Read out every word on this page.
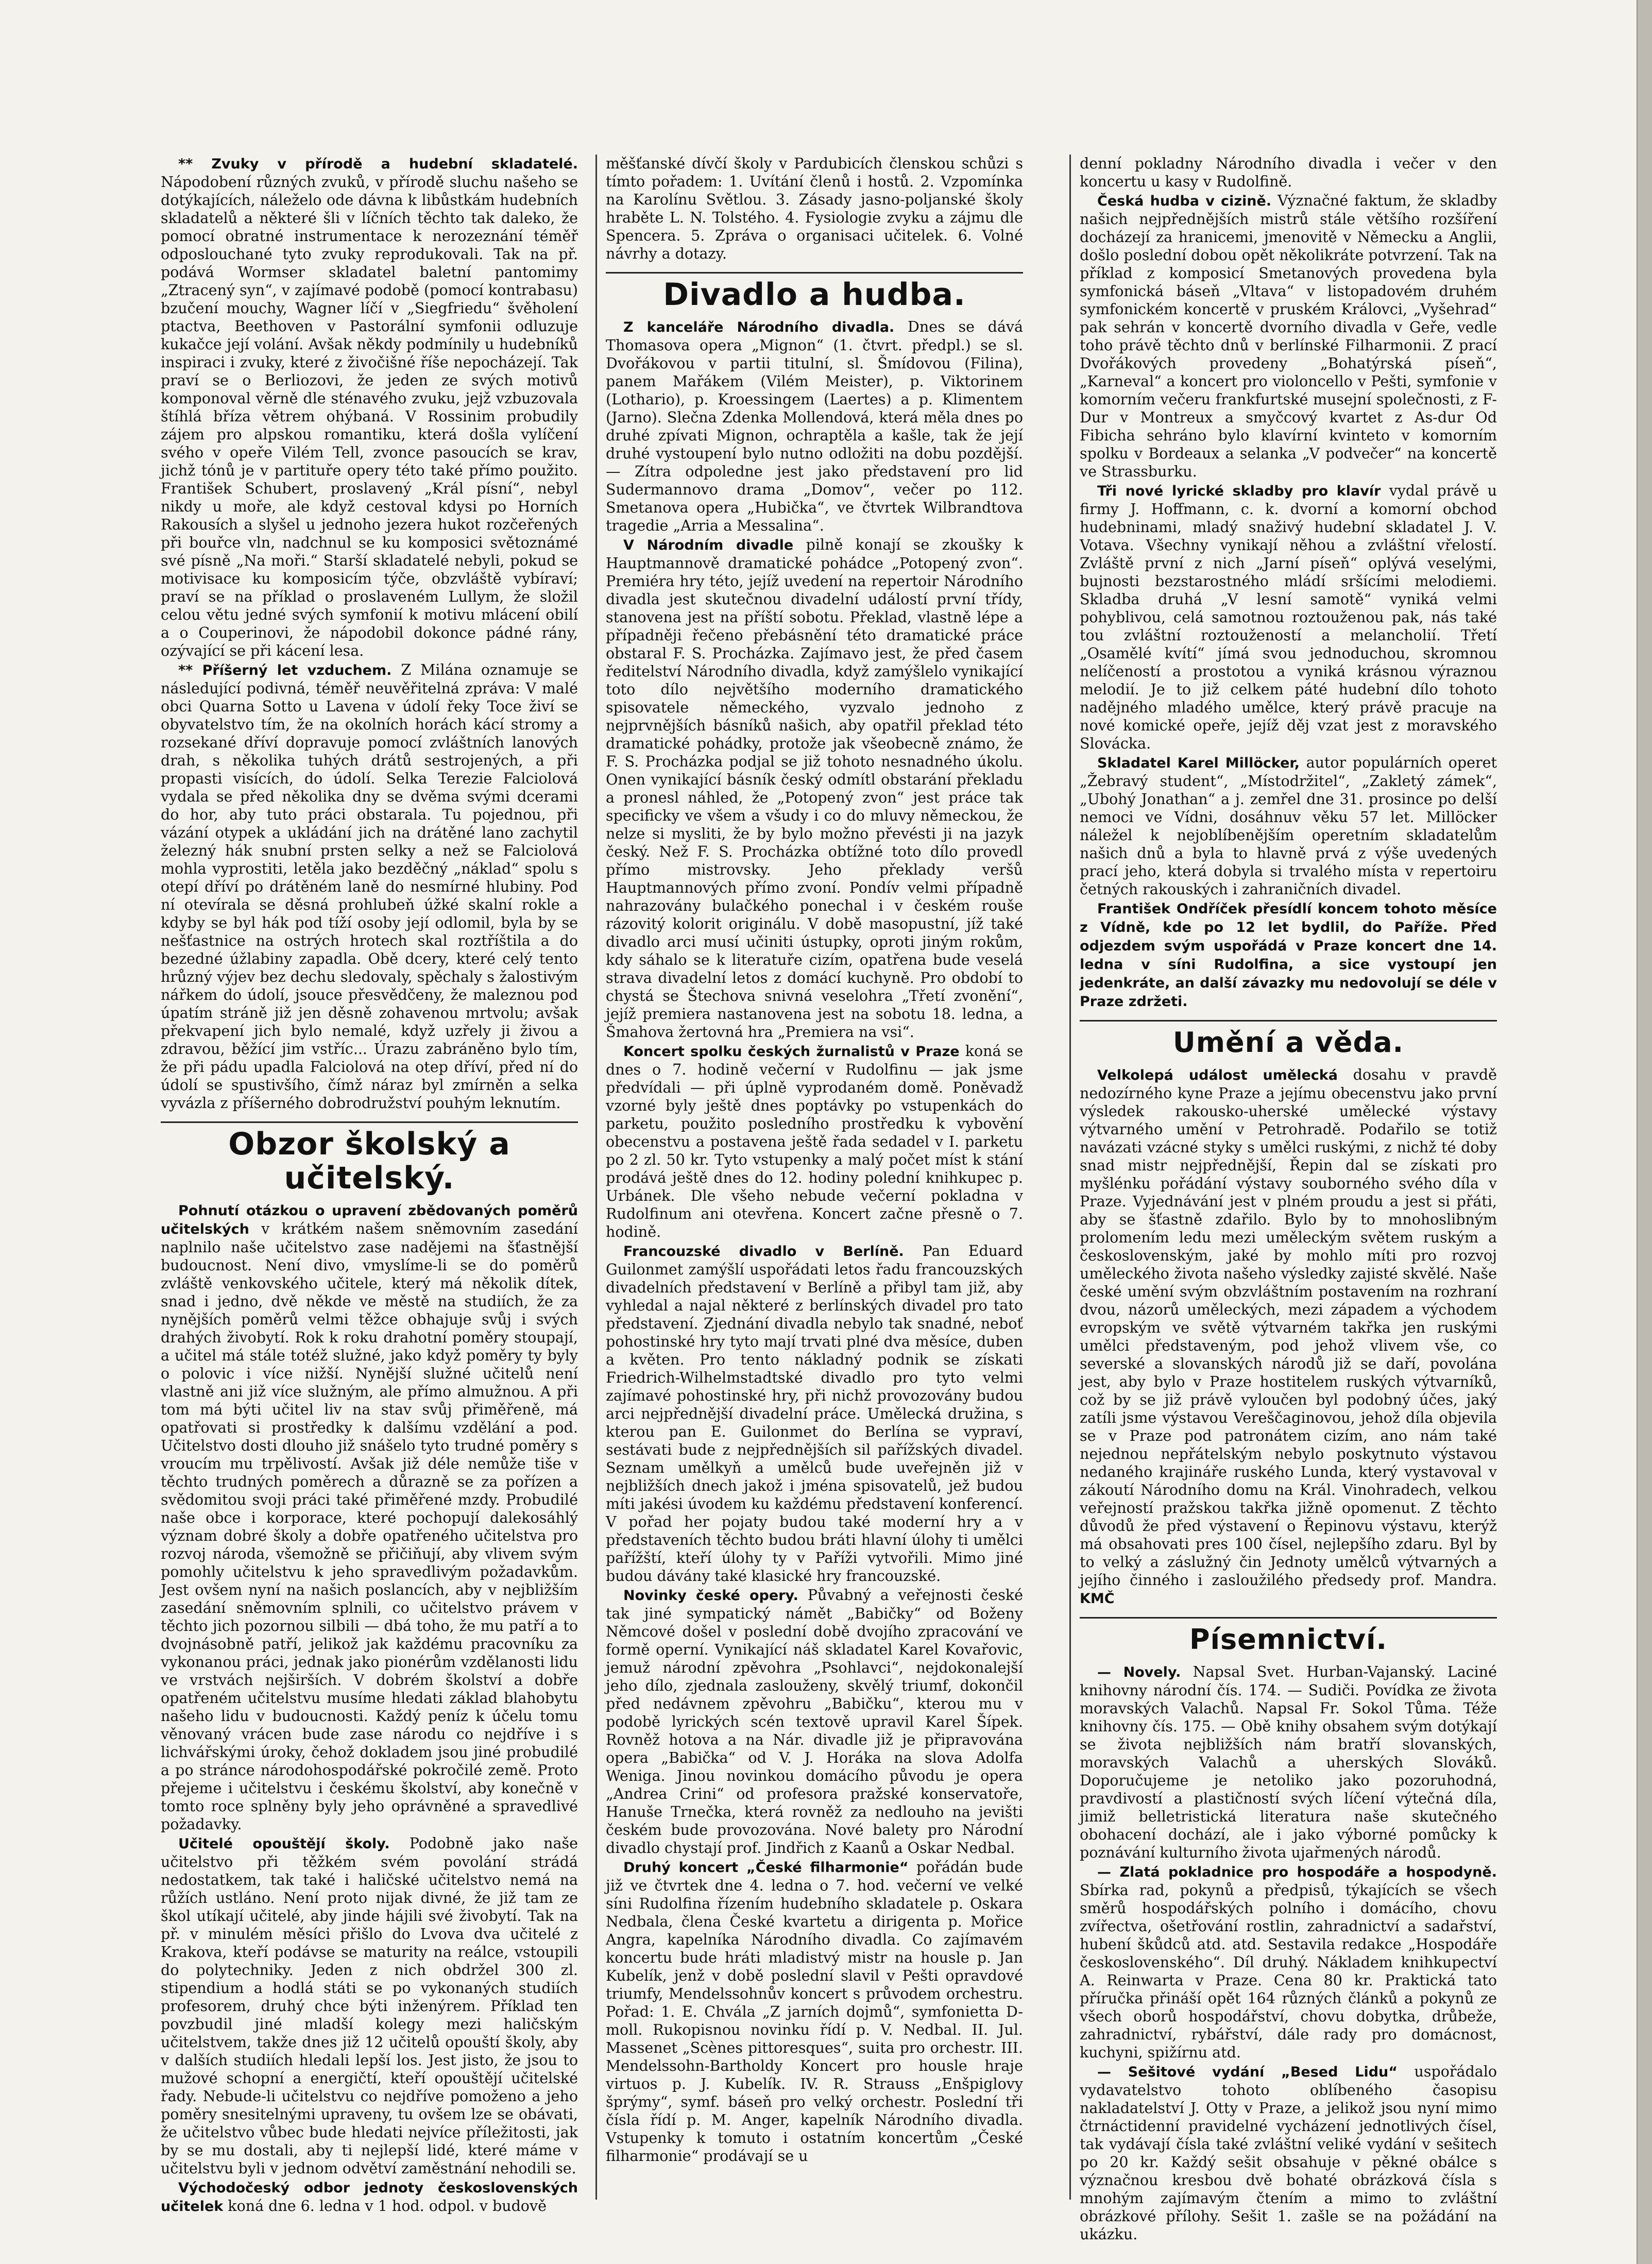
** Zvuky v přírodě a hudební skladatelé. Nápodobení různých zvuků, v přírodě sluchu našeho se dotýkajících, náleželo ode dávna k libůstkám hudebních skladatelů a některé šli v líčních těchto tak daleko, že pomocí obratné instrumentace k nerozeznání téměř odposlouchané tyto zvuky reprodukovali. Tak na př. podává Wormser skladatel baletní pantomimy „Ztracený syn“, v zajímavé podobě (pomocí kontrabasu) bzučení mouchy, Wagner líčí v „Siegfriedu“ švěholení ptactva, Beethoven v Pastorální symfonii odluzuje kukačce její volání. Avšak někdy podmínily u hudebníků inspiraci i zvuky, které z živočišné říše nepocházejí. Tak praví se o Berliozovi, že jeden ze svých motivů komponoval věrně dle sténavého zvuku, jejž vzbuzovala štíhlá bříza větrem ohýbaná. V Rossinim probudily zájem pro alpskou romantiku, která došla vylíčení svého v opeře Vilém Tell, zvonce pasoucích se krav, jichž tónů je v partituře opery této také přímo použito. František Schubert, proslavený „Král písní“, nebyl nikdy u moře, ale když cestoval kdysi po Horních Rakousích a slyšel u jednoho jezera hukot rozčeřených při bouřce vln, nadchnul se ku komposici světoznámé své písně „Na moři.“ Starší skladatelé nebyli, pokud se motivisace ku komposicím týče, obzvláště vybíraví; praví se na příklad o proslaveném Lullym, že složil celou větu jedné svých symfonií k motivu mlácení obilí a o Couperinovi, že nápodobil dokonce pádné rány, ozývající se při kácení lesa.

** Příšerný let vzduchem. Z Milána oznamuje se následující podivná, téměř neuvěřitelná zpráva: V malé obci Quarna Sotto u Lavena v údolí řeky Toce živí se obyvatelstvo tím, že na okolních horách kácí stromy a rozsekané dříví dopravuje pomocí zvláštních lanových drah, s několika tuhých drátů sestrojených, a při propasti visících, do údolí. Selka Terezie Falciolová vydala se před několika dny se dvěma svými dcerami do hor, aby tuto práci obstarala. Tu pojednou, při vázání otypek a ukládání jich na drátěné lano zachytil železný hák snubní prsten selky a než se Falciolová mohla vyprostiti, letěla jako bezděčný „náklad“ spolu s otepí dříví po drátěném laně do nesmírné hlubiny. Pod ní otevírala se děsná prohlubeň úžké skalní rokle a kdyby se byl hák pod tíží osoby její odlomil, byla by se nešťastnice na ostrých hrotech skal roztříštila a do bezedné úžlabiny zapadla. Obě dcery, které celý tento hrůzný výjev bez dechu sledovaly, spěchaly s žalostivým nářkem do údolí, jsouce přesvědčeny, že maleznou pod úpatím stráně již jen děsně zohavenou mrtvolu; avšak překvapení jich bylo nemalé, když uzřely ji živou a zdravou, běžící jim vstříc... Úrazu zabráněno bylo tím, že při pádu upadla Falciolová na otep dříví, před ní do údolí se spustivšího, čímž náraz byl zmírněn a selka vyvázla z příšerného dobrodružství pouhým leknutím.

Obzor školský a učitelský.

Pohnutí otázkou o upravení zbědovaných poměrů učitelských v krátkém našem sněmovním zasedání naplnilo naše učitelstvo zase nadějemi na šťastnější budoucnost. Není divo, vmyslíme-li se do poměrů zvláště venkovského učitele, který má několik dítek, snad i jedno, dvě někde ve městě na studiích, že za nynějších poměrů velmi těžce obhajuje svůj i svých drahých živobytí. Rok k roku drahotní poměry stoupají, a učitel má stále totéž služné, jako když poměry ty byly o polovic i více nižší. Nynější služné učitelů není vlastně ani již více služným, ale přímo almužnou. A při tom má býti učitel liv na stav svůj přiměřeně, má opatřovati si prostředky k dalšímu vzdělání a pod. Učitelstvo dosti dlouho již snášelo tyto trudné poměry s vroucím mu trpělivostí. Avšak již déle nemůže tiše v těchto trudných poměrech a důrazně se za pořízen a svědomitou svoji práci také přiměřené mzdy. Probudilé naše obce i korporace, které pochopují dalekosáhlý význam dobré školy a dobře opatřeného učitelstva pro rozvoj národa, všemožně se přičiňují, aby vlivem svým pomohly učitelstvu k jeho spravedlivým požadavkům. Jest ovšem nyní na našich poslancích, aby v nejbližším zasedání sněmovním splnili, co učitelstvo právem v těchto jich pozornou silbili — dbá toho, že mu patří a to dvojnásobně patří, jelikož jak každému pracovníku za vykonanou práci, jednak jako pionérům vzdělanosti lidu ve vrstvách nejširších. V dobrém školství a dobře opatřeném učitelstvu musíme hledati základ blahobytu našeho lidu v budoucnosti. Každý peníz k účelu tomu věnovaný vrácen bude zase národu co nejdříve i s lichvářskými úroky, čehož dokladem jsou jiné probudilé a po stránce národohospodářské pokročilé země. Proto přejeme i učitelstvu i českému školství, aby konečně v tomto roce splněny byly jeho oprávněné a spravedlivé požadavky.

Učitelé opouštějí školy. Podobně jako naše učitelstvo při těžkém svém povolání strádá nedostatkem, tak také i haličské učitelstvo nemá na růžích ustláno. Není proto nijak divné, že již tam ze škol utíkají učitelé, aby jinde hájili své živobytí. Tak na př. v minulém měsíci přišlo do Lvova dva učitelé z Krakova, kteří podávse se maturity na reálce, vstoupili do polytechniky. Jeden z nich obdržel 300 zl. stipendium a hodlá státi se po vykonaných studiích profesorem, druhý chce býti inženýrem. Příklad ten povzbudil jiné mladší kolegy mezi haličským učitelstvem, takže dnes již 12 učitelů opouští školy, aby v dalších studiích hledali lepší los. Jest jisto, že jsou to mužové schopní a energičtí, kteří opouštějí učitelské řady. Nebude-li učitelstvu co nejdříve pomoženo a jeho poměry snesitelnými upraveny, tu ovšem lze se obávati, že učitelstvo vůbec bude hledati nejvíce příležitosti, jak by se mu dostali, aby ti nejlepší lidé, které máme v učitelstvu byli v jednom odvětví zaměstnání nehodili se.

Východočeský odbor jednoty československých učitelek koná dne 6. ledna v 1 hod. odpol. v budově

měšťanské dívčí školy v Pardubicích členskou schůzi s tímto pořadem: 1. Uvítání členů i hostů. 2. Vzpomínka na Karolínu Světlou. 3. Zásady jasno-poljanské školy hraběte L. N. Tolstého. 4. Fysiologie zvyku a zájmu dle Spencera. 5. Zpráva o organisaci učitelek. 6. Volné návrhy a dotazy.

Divadlo a hudba.

Z kanceláře Národního divadla. Dnes se dává Thomasova opera „Mignon“ (1. čtvrt. předpl.) se sl. Dvořákovou v partii titulní, sl. Šmídovou (Filina), panem Mařákem (Vilém Meister), p. Viktorinem (Lothario), p. Kroessingem (Laertes) a p. Klimentem (Jarno). Slečna Zdenka Mollendová, která měla dnes po druhé zpívati Mignon, ochraptěla a kašle, tak že její druhé vystoupení bylo nutno odložiti na dobu pozdější. — Zítra odpoledne jest jako představení pro lid Sudermannovo drama „Domov“, večer po 112. Smetanova opera „Hubička“, ve čtvrtek Wilbrandtova tragedie „Arria a Messalina“.

V Národním divadle pilně konají se zkoušky k Hauptmannově dramatické pohádce „Potopený zvon“. Premiéra hry této, jejíž uvedení na repertoir Národního divadla jest skutečnou divadelní událostí první třídy, stanovena jest na příští sobotu. Překlad, vlastně lépe a případněji řečeno přebásnění této dramatické práce obstaral F. S. Procházka. Zajímavo jest, že před časem ředitelství Národního divadla, když zamýšlelo vynikající toto dílo největšího moderního dramatického spisovatele německého, vyzvalo jednoho z nejprvnějších básníků našich, aby opatřil překlad této dramatické pohádky, protože jak všeobecně známo, že F. S. Procházka podjal se již tohoto nesnadného úkolu. Onen vynikající básník český odmítl obstarání překladu a pronesl náhled, že „Potopený zvon“ jest práce tak specificky ve všem a všudy i co do mluvy německou, že nelze si mysliti, že by bylo možno převésti ji na jazyk český. Než F. S. Procházka obtížné toto dílo provedl přímo mistrovsky. Jeho překlady veršů Hauptmannových přímo zvoní. Pondív velmi případně nahrazovány bulačkého ponechal i v českém rouše rázovitý kolorit originálu. V době masopustní, jíž také divadlo arci musí učiniti ústupky, oproti jiným rokům, kdy sáhalo se k literatuře cizím, opatřena bude veselá strava divadelní letos z domácí kuchyně. Pro období to chystá se Štechova snivná veselohra „Třetí zvonění“, jejíž premiera nastanovena jest na sobotu 18. ledna, a Šmahova žertovná hra „Premiera na vsi“.

Koncert spolku českých žurnalistů v Praze koná se dnes o 7. hodině večerní v Rudolfinu — jak jsme předvídali — při úplně vyprodaném domě. Poněvadž vzorné byly ještě dnes poptávky po vstupenkách do parketu, použito posledního prostředku k vybovění obecenstvu a postavena ještě řada sedadel v I. parketu po 2 zl. 50 kr. Tyto vstupenky a malý počet míst k stání prodává ještě dnes do 12. hodiny polední knihkupec p. Urbánek. Dle všeho nebude večerní pokladna v Rudolfinum ani otevřena. Koncert začne přesně o 7. hodině.

Francouzské divadlo v Berlíně. Pan Eduard Guilonmet zamýšlí uspořádati letos řadu francouzských divadelních představení v Berlíně a přibyl tam již, aby vyhledal a najal některé z berlínských divadel pro tato představení. Zjednání divadla nebylo tak snadné, neboť pohostinské hry tyto mají trvati plné dva měsíce, duben a květen. Pro tento nákladný podnik se získati Friedrich-Wilhelmstadtské divadlo pro tyto velmi zajímavé pohostinské hry, při nichž provozovány budou arci nejpřednější divadelní práce. Umělecká družina, s kterou pan E. Guilonmet do Berlína se vypraví, sestávati bude z nejpřednějších sil pařížských divadel. Seznam umělkyň a umělců bude uveřejněn již v nejbližších dnech jakož i jména spisovatelů, jež budou míti jakési úvodem ku každému představení konferencí. V pořad her pojaty budou také moderní hry a v představeních těchto budou bráti hlavní úlohy ti umělci pařížští, kteří úlohy ty v Paříži vytvořili. Mimo jiné budou dávány také klasické hry francouzské.

Novinky české opery. Půvabný a veřejnosti české tak jiné sympatický námět „Babičky“ od Boženy Němcové došel v poslední době dvojího zpracování ve formě operní. Vynikající náš skladatel Karel Kovařovic, jemuž národní zpěvohra „Psohlavci“, nejdokonalejší jeho dílo, zjednala zaslouženy, skvělý triumf, dokončil před nedávnem zpěvohru „Babičku“, kterou mu v podobě lyrických scén textově upravil Karel Šípek. Rovněž hotova a na Nár. divadle již je připravována opera „Babička“ od V. J. Horáka na slova Adolfa Weniga. Jinou novinkou domácího původu je opera „Andrea Crini“ od profesora pražské konservatoře, Hanuše Trnečka, která rovněž za nedlouho na jevišti českém bude provozována. Nové balety pro Národní divadlo chystají prof. Jindřich z Kaanů a Oskar Nedbal.

Druhý koncert „České filharmonie“ pořádán bude již ve čtvrtek dne 4. ledna o 7. hod. večerní ve velké síni Rudolfina řízením hudebního skladatele p. Oskara Nedbala, člena České kvartetu a dirigenta p. Mořice Angra, kapelníka Národního divadla. Co zajímavém koncertu bude hráti mladistvý mistr na housle p. Jan Kubelík, jenž v době poslední slavil v Pešti opravdové triumfy, Mendelssohnův koncert s průvodem orchestru. Pořad: 1. E. Chvála „Z jarních dojmů“, symfonietta D-moll. Rukopisnou novinku řídí p. V. Nedbal. II. Jul. Massenet „Scènes pittoresques“, suita pro orchestr. III. Mendelssohn-Bartholdy Koncert pro housle hraje virtuos p. J. Kubelík. IV. R. Strauss „Enšpiglovy šprýmy“, symf. báseň pro velký orchestr. Poslední tři čísla řídí p. M. Anger, kapelník Národního divadla. Vstupenky k tomuto i ostatním koncertům „České filharmonie“ prodávají se u

denní pokladny Národního divadla i večer v den koncertu u kasy v Rudolfině.

Česká hudba v cizině. Význačné faktum, že skladby našich nejpřednějších mistrů stále většího rozšíření docházejí za hranicemi, jmenovitě v Německu a Anglii, došlo poslední dobou opět několikráte potvrzení. Tak na příklad z komposicí Smetanových provedena byla symfonická báseň „Vltava“ v listopadovém druhém symfonickém koncertě v pruském Královci, „Vyšehrad“ pak sehrán v koncertě dvorního divadla v Geře, vedle toho právě těchto dnů v berlínské Filharmonii. Z prací Dvořákových provedeny „Bohatýrská píseň“, „Karneval“ a koncert pro violoncello v Pešti, symfonie v komorním večeru frankfurtské musejní společnosti, z F-Dur v Montreux a smyčcový kvartet z As-dur Od Fibicha sehráno bylo klavírní kvinteto v komorním spolku v Bordeaux a selanka „V podvečer“ na koncertě ve Strassburku.

Tři nové lyrické skladby pro klavír vydal právě u firmy J. Hoffmann, c. k. dvorní a komorní obchod hudebninami, mladý snaživý hudební skladatel J. V. Votava. Všechny vynikají něhou a zvláštní vřelostí. Zvláště první z nich „Jarní píseň“ oplývá veselými, bujnosti bezstarostného mládí sršícími melodiemi. Skladba druhá „V lesní samotě“ vyniká velmi pohyblivou, celá samotnou roztouženou pak, nás také tou zvláštní roztoužeností a melancholií. Třetí „Osamělé kvítí“ jímá svou jednoduchou, skromnou nelíčeností a prostotou a vyniká krásnou výraznou melodií. Je to již celkem páté hudební dílo tohoto nadějného mladého umělce, který právě pracuje na nové komické opeře, jejíž děj vzat jest z moravského Slovácka.

Skladatel Karel Millöcker, autor populárních operet „Žebravý student“, „Místodržitel“, „Zakletý zámek“, „Ubohý Jonathan“ a j. zemřel dne 31. prosince po delší nemoci ve Vídni, dosáhnuv věku 57 let. Millöcker náležel k nejoblíbenějším operetním skladatelům našich dnů a byla to hlavně prvá z výše uvedených prací jeho, která dobyla si trvalého místa v repertoiru četných rakouských i zahraničních divadel.

František Ondříček přesídlí koncem tohoto měsíce z Vídně, kde po 12 let bydlil, do Paříže. Před odjezdem svým uspořádá v Praze koncert dne 14. ledna v síni Rudolfina, a sice vystoupí jen jedenkráte, an další závazky mu nedovolují se déle v Praze zdržeti.

Umění a věda.

Velkolepá událost umělecká dosahu v pravdě nedozírného kyne Praze a jejímu obecenstvu jako první výsledek rakousko-uherské umělecké výstavy výtvarného umění v Petrohradě. Podařilo se totiž navázati vzácné styky s umělci ruskými, z nichž té doby snad mistr nejpřednější, Řepin dal se získati pro myšlénku pořádání výstavy souborného svého díla v Praze. Vyjednávání jest v plném proudu a jest si přáti, aby se šťastně zdařilo. Bylo by to mnohoslibným prolomením ledu mezi uměleckým světem ruským a československým, jaké by mohlo míti pro rozvoj uměleckého života našeho výsledky zajisté skvělé. Naše české umění svým obzvláštním postavením na rozhraní dvou, názorů uměleckých, mezi západem a východem evropským ve světě výtvarném takřka jen ruskými umělci představeným, pod jehož vlivem vše, co severské a slovanských národů již se daří, povolána jest, aby bylo v Praze hostitelem ruských výtvarníků, což by se již právě vyloučen byl podobný účes, jaký zatíli jsme výstavou Vereščaginovou, jehož díla objevila se v Praze pod patronátem cizím, ano nám také nejednou nepřátelským nebylo poskytnuto výstavou nedaného krajináře ruského Lunda, který vystavoval v zákoutí Národního domu na Král. Vinohradech, velkou veřejností pražskou takřka jižně opomenut. Z těchto důvodů že před výstavení o Řepinovu výstavu, kterýž má obsahovati pres 100 čísel, nejlepšího zdaru. Byl by to velký a záslužný čin Jednoty umělců výtvarných a jejího činného i zasloužilého předsedy prof. Mandra. KMČ

Písemnictví.

— Novely. Napsal Svet. Hurban-Vajanský. Laciné knihovny národní čís. 174. — Sudiči. Povídka ze života moravských Valachů. Napsal Fr. Sokol Tůma. Téže knihovny čís. 175. — Obě knihy obsahem svým dotýkají se života nejbližších nám bratří slovanských, moravských Valachů a uherských Slováků. Doporučujeme je netoliko jako pozoruhodná, pravdivostí a plastičností svých líčení výtečná díla, jimiž belletristická literatura naše skutečného obohacení dochází, ale i jako výborné pomůcky k poznávání kulturního života ujařmených národů.

— Zlatá pokladnice pro hospodáře a hospodyně. Sbírka rad, pokynů a předpisů, týkajících se všech směrů hospodářských polního i domácího, chovu zvířectva, ošetřování rostlin, zahradnictví a sadařství, hubení škůdců atd. atd. Sestavila redakce „Hospodáře československého“. Díl druhý. Nákladem knihkupectví A. Reinwarta v Praze. Cena 80 kr. Praktická tato příručka přináší opět 164 různých článků a pokynů ze všech oborů hospodářství, chovu dobytka, drůbeže, zahradnictví, rybářství, dále rady pro domácnost, kuchyni, spižírnu atd.

— Sešitové vydání „Besed Lidu“ uspořádalo vydavatelstvo tohoto oblíbeného časopisu nakladatelství J. Otty v Praze, a jelikož jsou nyní mimo čtrnáctidenní pravidelné vycházení jednotlivých čísel, tak vydávají čísla také zvláštní veliké vydání v sešitech po 20 kr. Každý sešit obsahuje v pěkné obálce s význačnou kresbou dvě bohaté obrázková čísla s mnohým zajímavým čtením a mimo to zvláštní obrázkové přílohy. Sešit 1. zašle se na požádání na ukázku.
